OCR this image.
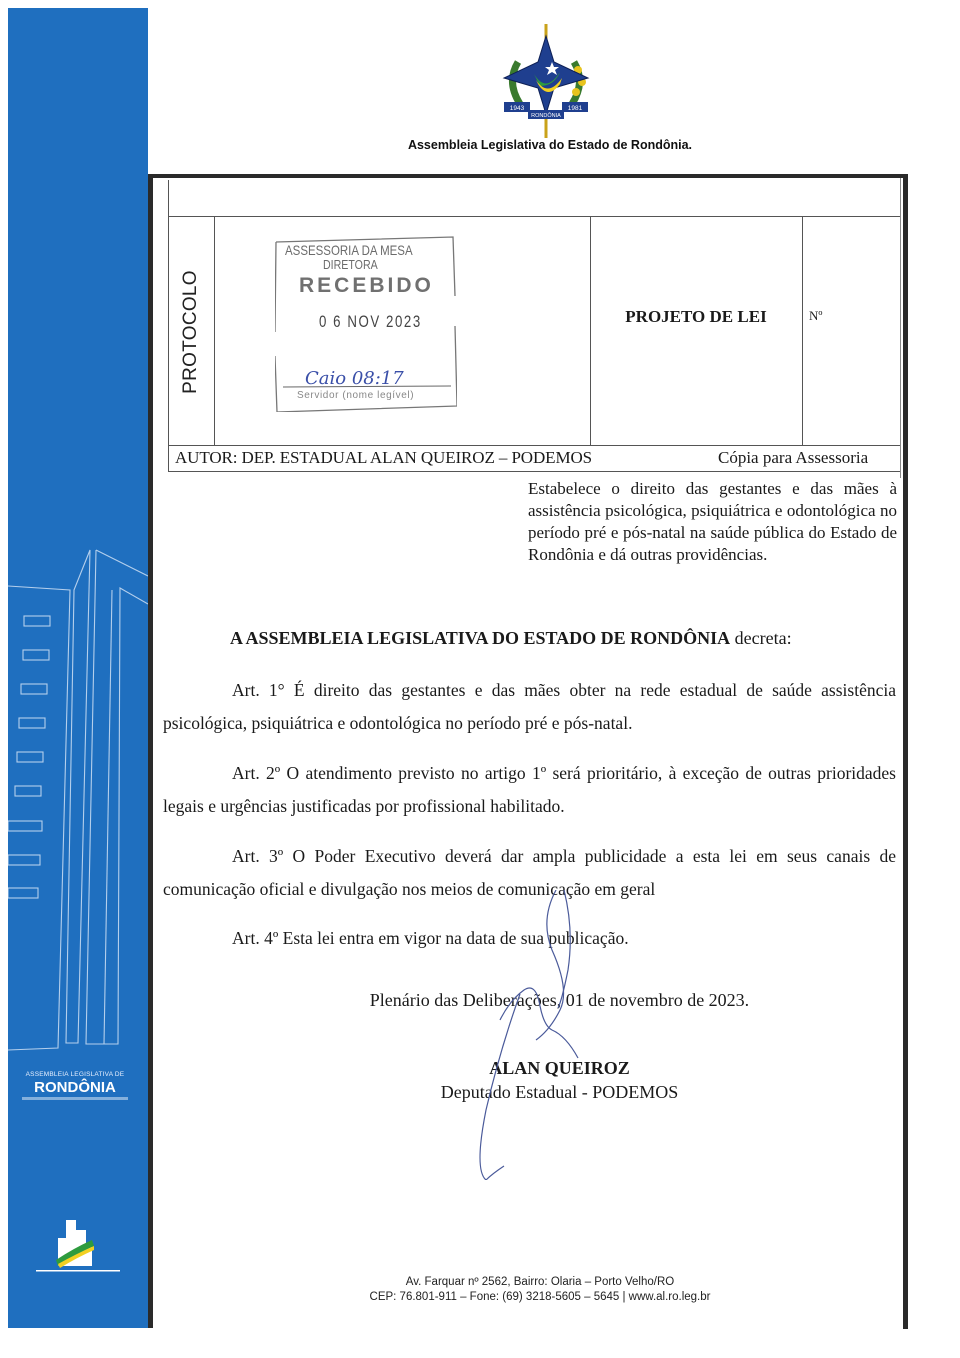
ASSEMBLEIA LEGISLATIVA DE
RONDÔNIA
1943	1981
RONDÔNIA
Assembleia Legislativa do Estado de Rondônia.
PROTOCOLO
ASSESSORIA DA MESA
DIRETORA
RECEBIDO
0 6 NOV 2023
Caio 08:17
Servidor (nome legível)
PROJETO DE LEI	Nº
AUTOR: DEP. ESTADUAL ALAN QUEIROZ – PODEMOS	Cópia para Assessoria

Estabelece o direito das gestantes e das mães à assistência psicológica, psiquiátrica e odontológica no período pré e pós-natal na saúde pública do Estado de Rondônia e dá outras providências.

A ASSEMBLEIA LEGISLATIVA DO ESTADO DE RONDÔNIA decreta:

Art. 1° É direito das gestantes e das mães obter na rede estadual de saúde assistência psicológica, psiquiátrica e odontológica no período pré e pós-natal.

Art. 2º O atendimento previsto no artigo 1º será prioritário, à exceção de outras prioridades legais e urgências justificadas por profissional habilitado.

Art. 3º O Poder Executivo deverá dar ampla publicidade a esta lei em seus canais de comunicação oficial e divulgação nos meios de comunicação em geral

Art. 4º Esta lei entra em vigor na data de sua publicação.

Plenário das Deliberações, 01 de novembro de 2023.
ALAN QUEIROZ
Deputado Estadual - PODEMOS
Av. Farquar nº 2562, Bairro: Olaria – Porto Velho/RO
CEP: 76.801-911 – Fone: (69) 3218-5605 – 5645 | www.al.ro.leg.br
